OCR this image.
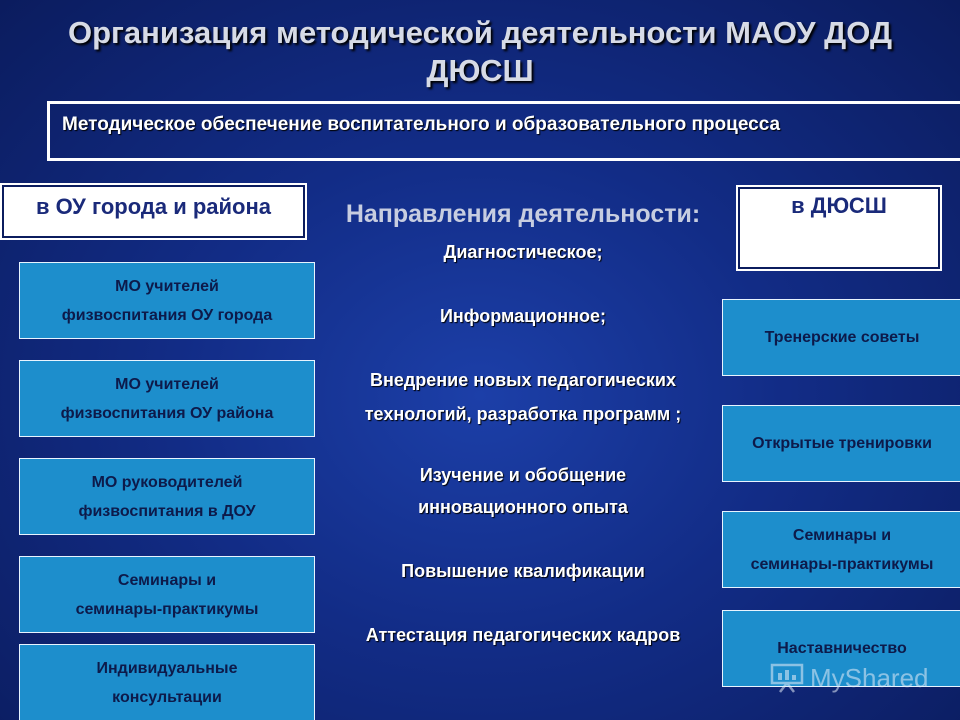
Организация методической деятельности МАОУ ДОД
ДЮСШ
Методическое обеспечение воспитательного и образовательного процесса
в ОУ города и района	в ДЮСШ
Направления деятельности:
Диагностическое;
Информационное;
Внедрение новых педагогических
технологий, разработка программ ;
Изучение и обобщение
инновационного опыта
Повышение квалификации
Аттестация педагогических кадров
МО учителей
физвоспитания ОУ города
МО учителей
физвоспитания ОУ района
МО руководителей
физвоспитания в ДОУ
Семинары и
семинары-практикумы
Индивидуальные
консультации
Тренерские советы
Открытые тренировки
Семинары и
семинары-практикумы
Наставничество
MyShared
